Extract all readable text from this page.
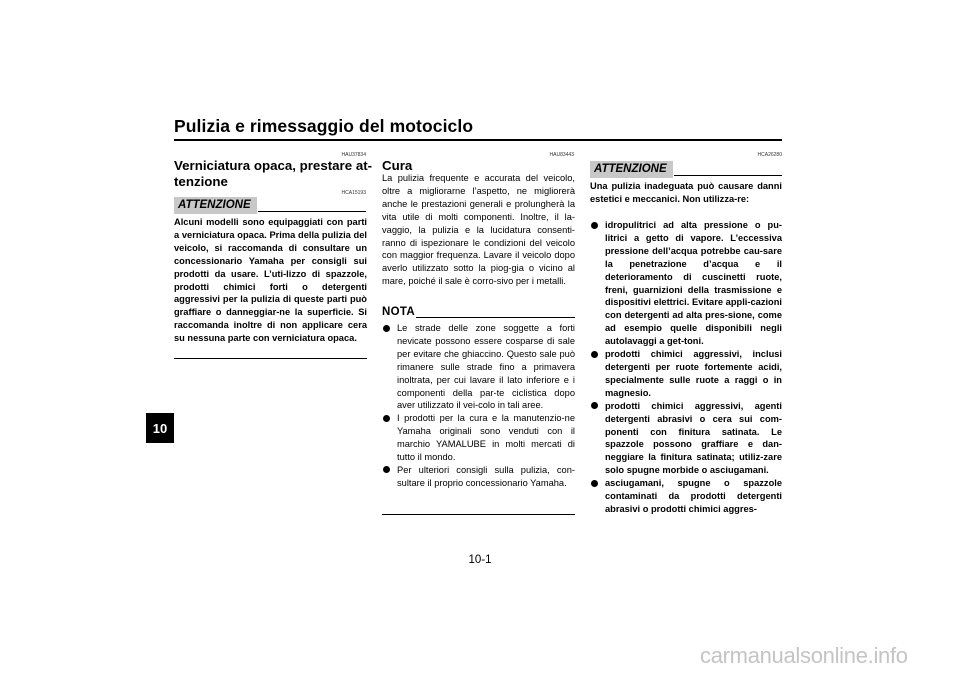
Pulizia e rimessaggio del motociclo
10
HAU37834
Verniciatura opaca, prestare at-
tenzione
HCA15193
ATTENZIONE
Alcuni modelli sono equipaggiati con parti a verniciatura opaca. Prima della pulizia del veicolo, si raccomanda di consultare un concessionario Yamaha per consigli sui prodotti da usare. L’uti-lizzo di spazzole, prodotti chimici forti o detergenti aggressivi per la pulizia di queste parti può graffiare o danneggiar-ne la superficie. Si raccomanda inoltre di non applicare cera su nessuna parte con verniciatura opaca.
HAU83443
Cura
La pulizia frequente e accurata del veicolo, oltre a migliorarne l’aspetto, ne migliorerà anche le prestazioni generali e prolungherà la vita utile di molti componenti. Inoltre, il la-vaggio, la pulizia e la lucidatura consenti-ranno di ispezionare le condizioni del veicolo con maggior frequenza. Lavare il veicolo dopo averlo utilizzato sotto la piog-gia o vicino al mare, poiché il sale è corro-sivo per i metalli.
NOTA
Le strade delle zone soggette a forti nevicate possono essere cosparse di sale per evitare che ghiaccino. Questo sale può rimanere sulle strade fino a primavera inoltrata, per cui lavare il lato inferiore e i componenti della par-te ciclistica dopo aver utilizzato il vei-colo in tali aree.
I prodotti per la cura e la manutenzio-ne Yamaha originali sono venduti con il marchio YAMALUBE in molti mercati di tutto il mondo.
Per ulteriori consigli sulla pulizia, con-sultare il proprio concessionario Yamaha.
HCA26280
ATTENZIONE
Una pulizia inadeguata può causare danni estetici e meccanici. Non utilizza-re:
idropulitrici ad alta pressione o pu-litrici a getto di vapore. L’eccessiva pressione dell’acqua potrebbe cau-sare la penetrazione d’acqua e il deterioramento di cuscinetti ruote, freni, guarnizioni della trasmissione e dispositivi elettrici. Evitare appli-cazioni con detergenti ad alta pres-sione, come ad esempio quelle disponibili negli autolavaggi a get-toni.
prodotti chimici aggressivi, inclusi detergenti per ruote fortemente acidi, specialmente sulle ruote a raggi o in magnesio.
prodotti chimici aggressivi, agenti detergenti abrasivi o cera sui com-ponenti con finitura satinata. Le spazzole possono graffiare e dan-neggiare la finitura satinata; utiliz-zare solo spugne morbide o asciugamani.
asciugamani, spugne o spazzole contaminati da prodotti detergenti abrasivi o prodotti chimici aggres-
10-1
carmanualsonline.info
